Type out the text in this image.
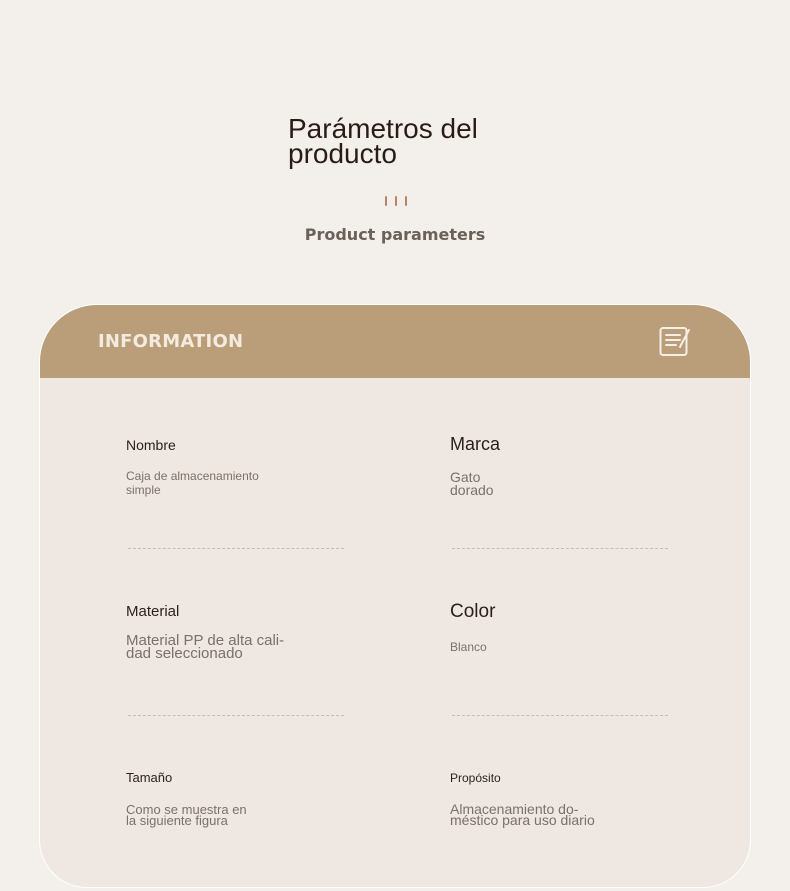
Parámetros del
producto
Product parameters
INFORMATION
Nombre
Caja de almacenamiento
simple
Marca
Gato
dorado
Material
Material PP de alta cali-
dad seleccionado
Color
Blanco
Tamaño
Como se muestra en
la siguiente figura
Propósito
Almacenamiento do-
méstico para uso diario
